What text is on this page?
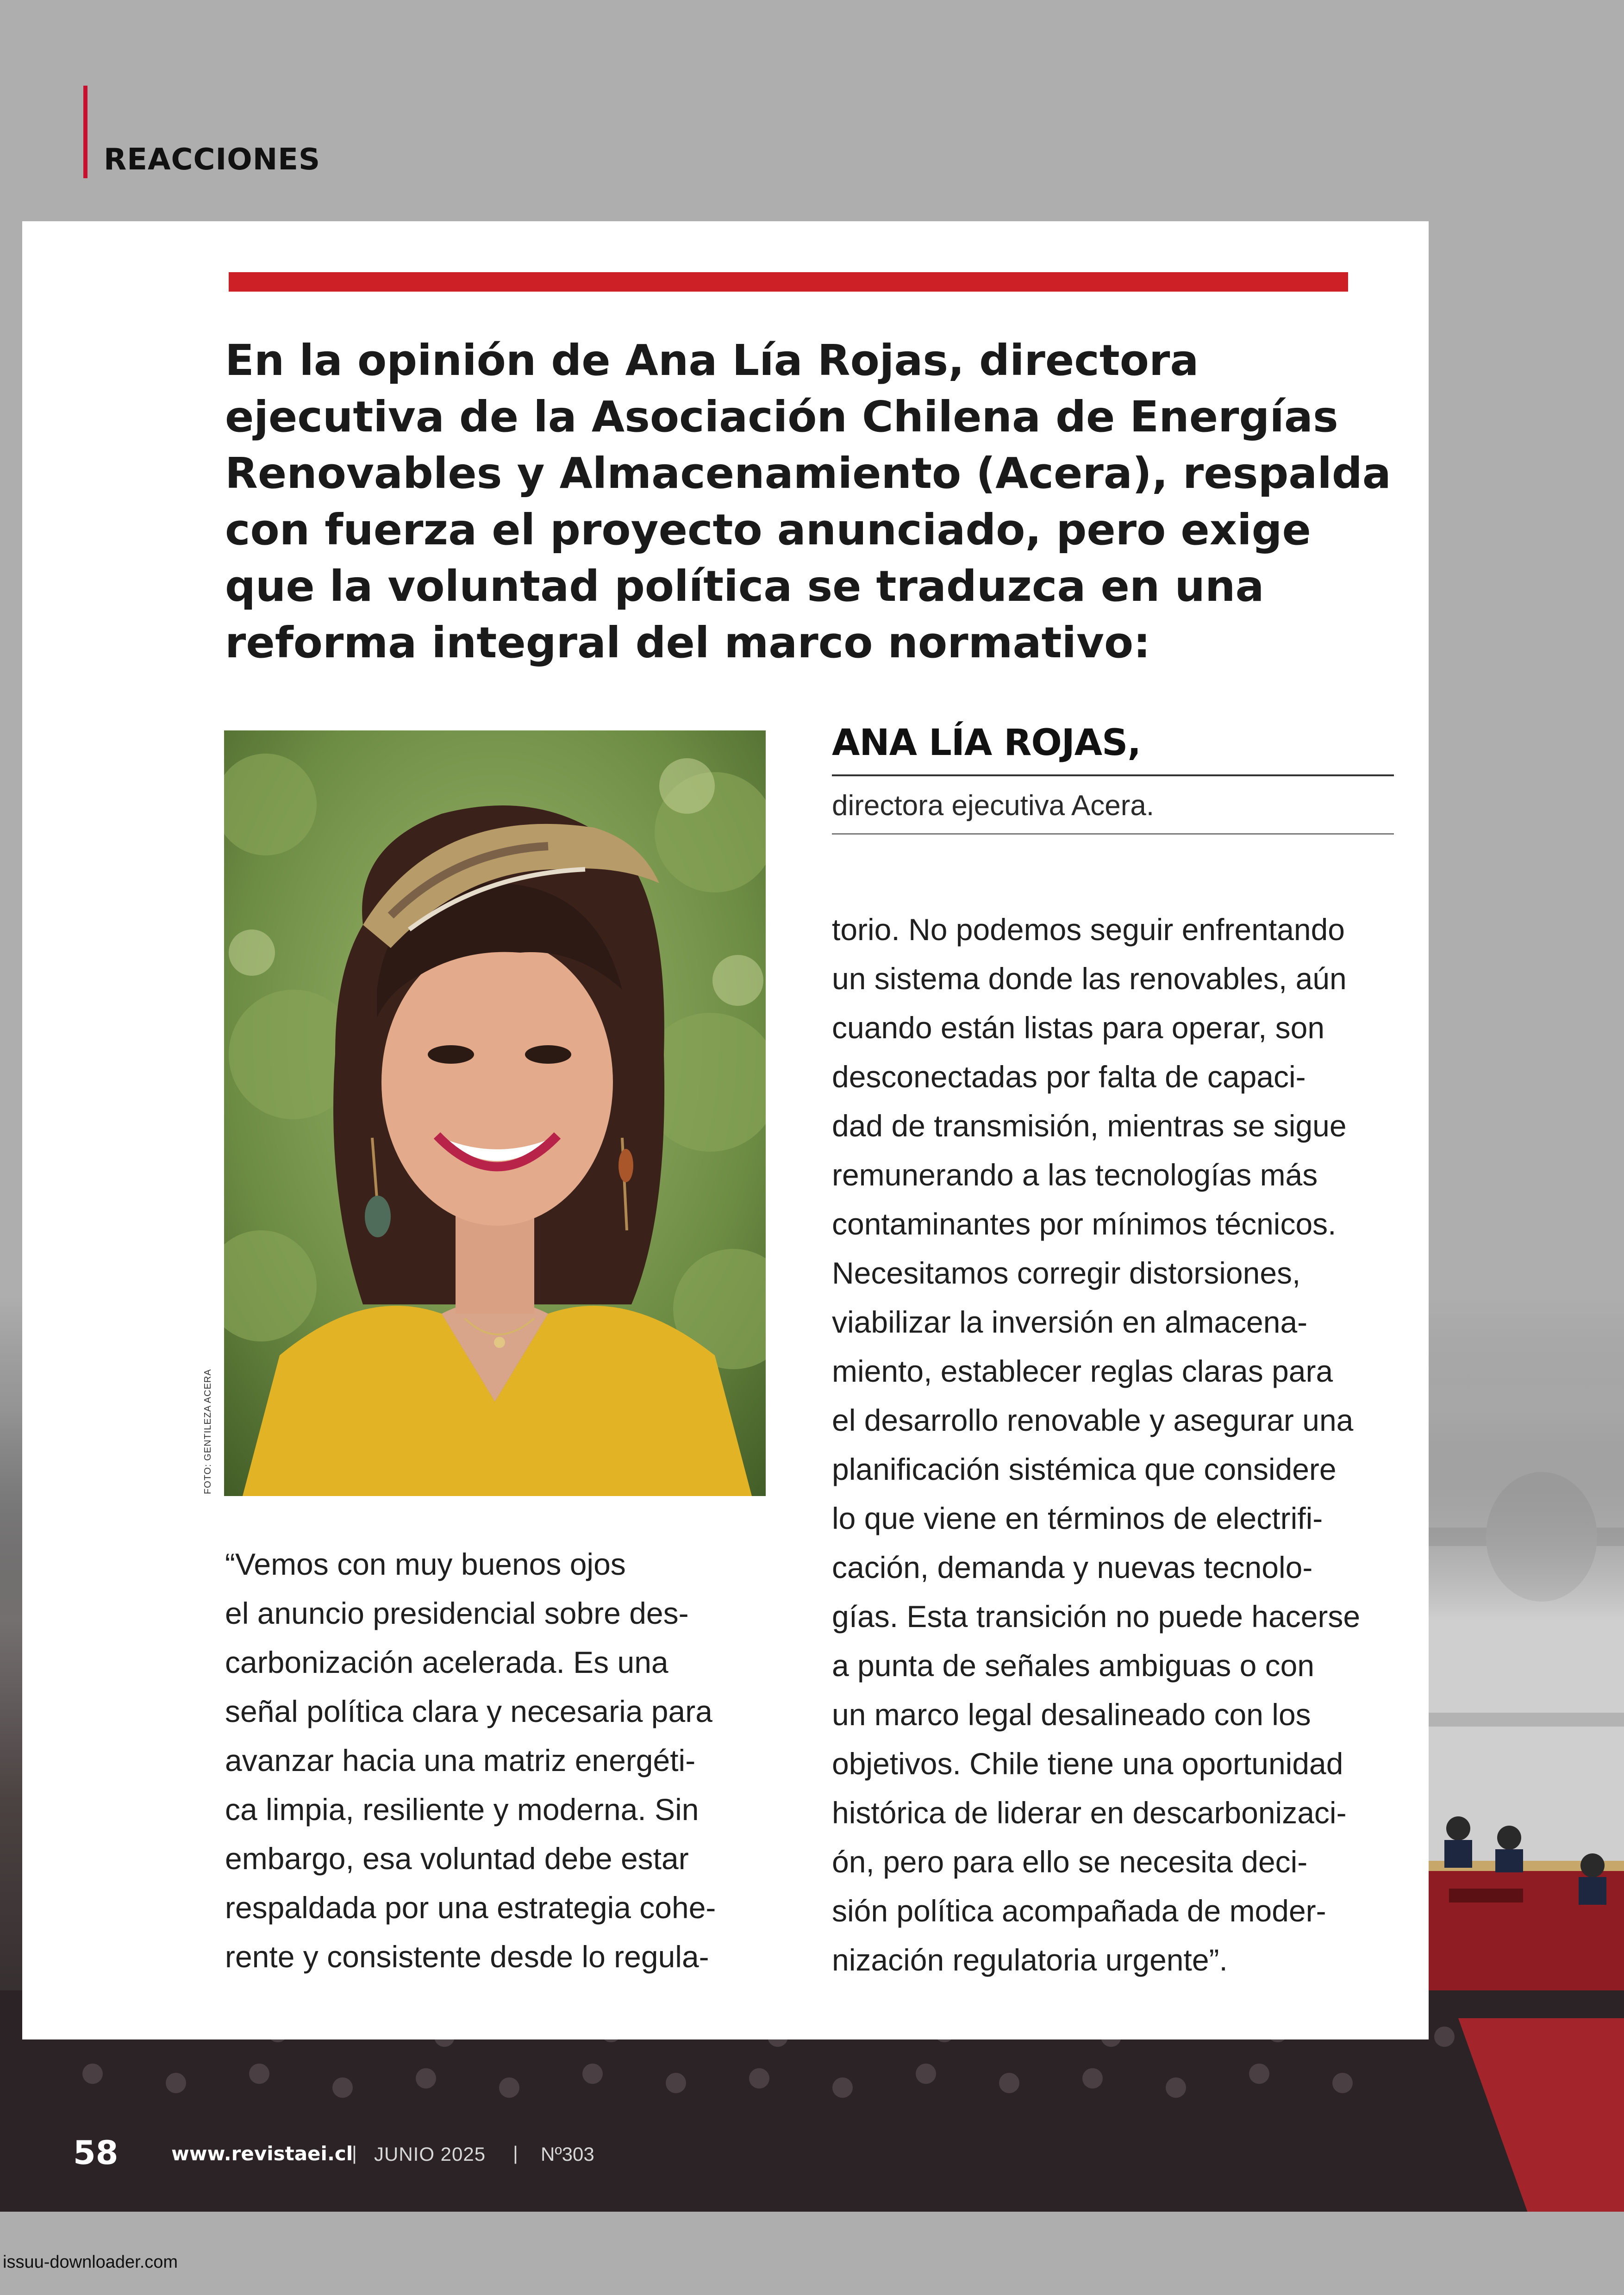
REACCIONES

En la opinión de Ana Lía Rojas, directora ejecutiva de la Asociación Chilena de Energías Renovables y Almacenamiento (Acera), respalda con fuerza el proyecto anunciado, pero exige que la voluntad política se traduzca en una reforma integral del marco normativo:

FOTO: GENTILEZA ACERA
ANA LÍA ROJAS,
directora ejecutiva Acera.

“Vemos con muy buenos ojos
el anuncio presidencial sobre des-
carbonización acelerada. Es una
señal política clara y necesaria para
avanzar hacia una matriz energéti-
ca limpia, resiliente y moderna. Sin
embargo, esa voluntad debe estar
respaldada por una estrategia cohe-
rente y consistente desde lo regula-

torio. No podemos seguir enfrentando
un sistema donde las renovables, aún
cuando están listas para operar, son
desconectadas por falta de capaci-
dad de transmisión, mientras se sigue
remunerando a las tecnologías más
contaminantes por mínimos técnicos.
Necesitamos corregir distorsiones,
viabilizar la inversión en almacena-
miento, establecer reglas claras para
el desarrollo renovable y asegurar una
planificación sistémica que considere
lo que viene en términos de electrifi-
cación, demanda y nuevas tecnolo-
gías. Esta transición no puede hacerse
a punta de señales ambiguas o con
un marco legal desalineado con los
objetivos. Chile tiene una oportunidad
histórica de liderar en descarbonizaci-
ón, pero para ello se necesita deci-
sión política acompañada de moder-
nización regulatoria urgente”.

58	www.revistaei.cl
| JUNIO 2025 | Nº303
issuu-downloader.com
